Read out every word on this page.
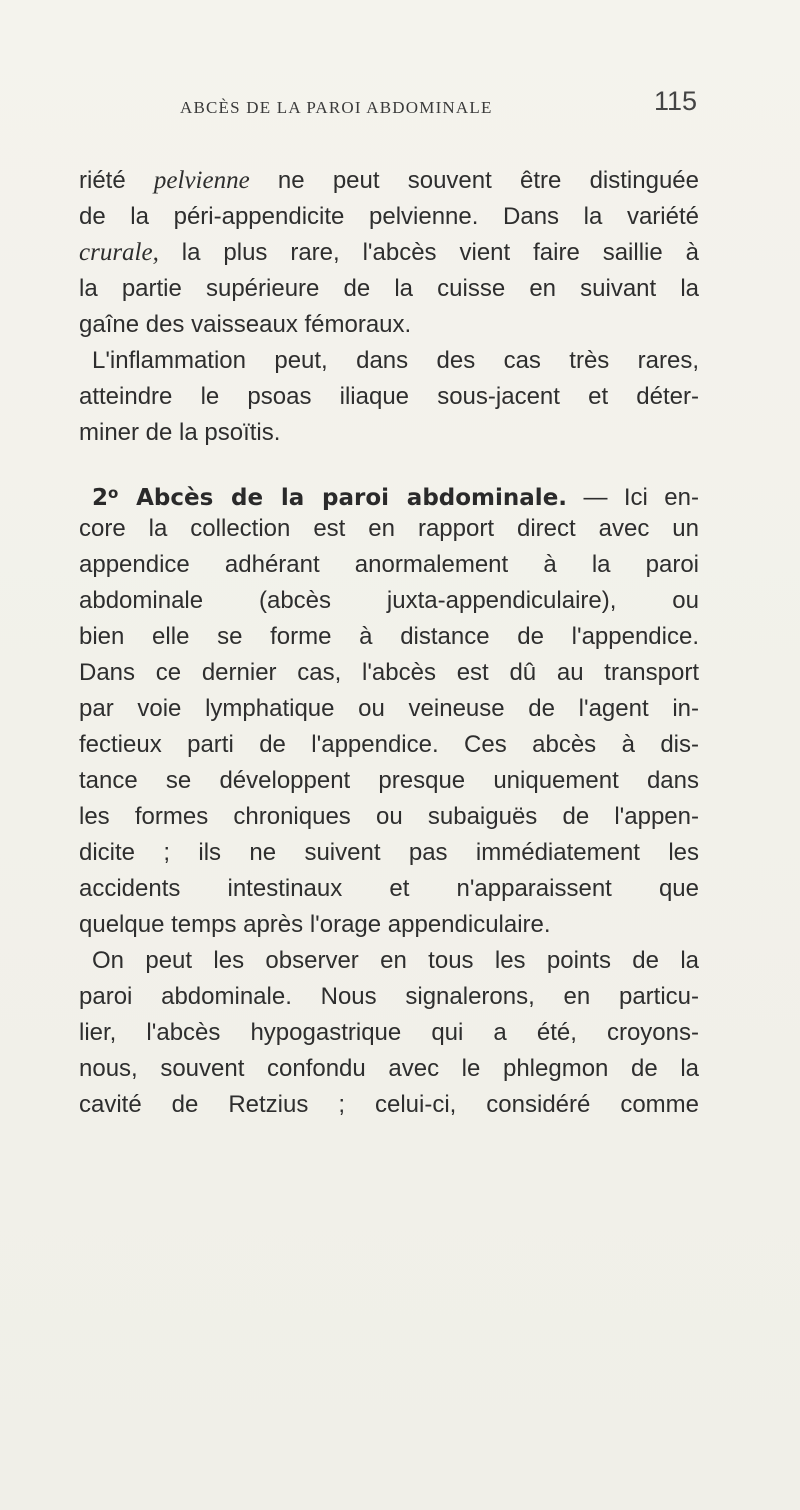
ABCÈS DE LA PAROI ABDOMINALE	115
riété pelvienne ne peut souvent être distinguée
de la péri-appendicite pelvienne. Dans la variété
crurale, la plus rare, l'abcès vient faire saillie à
la partie supérieure de la cuisse en suivant la
gaîne des vaisseaux fémoraux.
L'inflammation peut, dans des cas très rares,
atteindre le psoas iliaque sous-jacent et déter-
miner de la psoïtis.
2$^o$ Abcès de la paroi abdominale. — Ici en-
core la collection est en rapport direct avec un
appendice adhérant anormalement à la paroi
abdominale (abcès juxta-appendiculaire), ou
bien elle se forme à distance de l'appendice.
Dans ce dernier cas, l'abcès est dû au transport
par voie lymphatique ou veineuse de l'agent in-
fectieux parti de l'appendice. Ces abcès à dis-
tance se développent presque uniquement dans
les formes chroniques ou subaiguës de l'appen-
dicite ; ils ne suivent pas immédiatement les
accidents intestinaux et n'apparaissent que
quelque temps après l'orage appendiculaire.
On peut les observer en tous les points de la
paroi abdominale. Nous signalerons, en particu-
lier, l'abcès hypogastrique qui a été, croyons-
nous, souvent confondu avec le phlegmon de la
cavité de Retzius ; celui-ci, considéré comme
